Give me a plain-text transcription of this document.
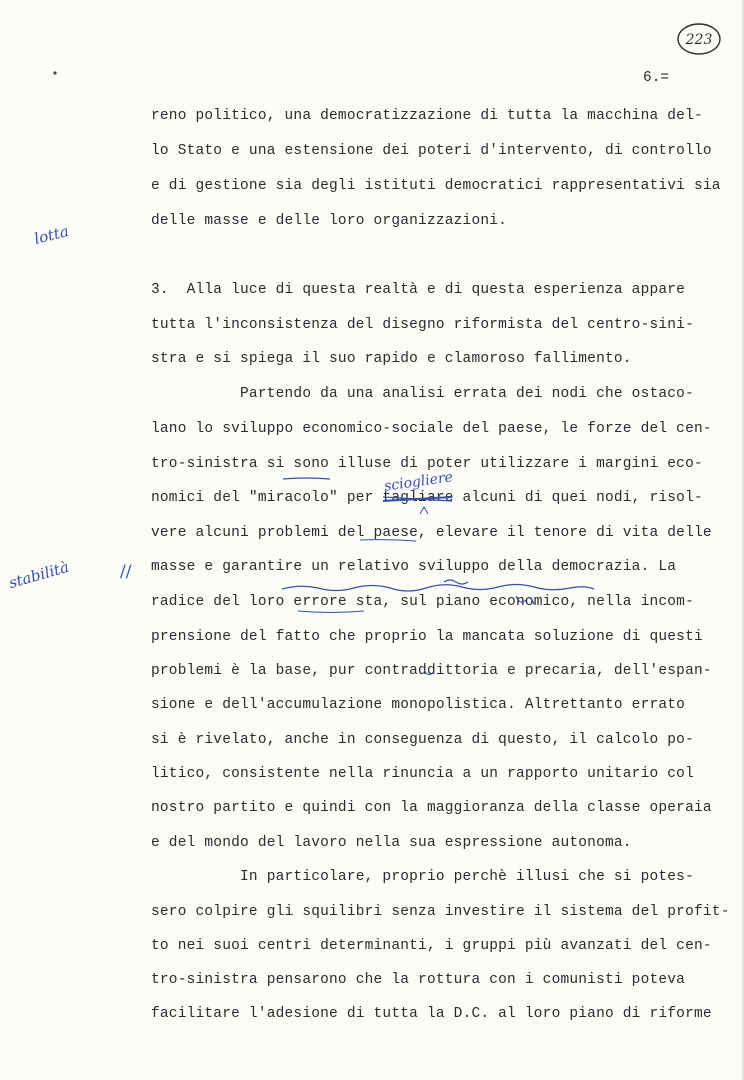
223
6.=
reno politico, una democratizzazione di tutta la macchina del-
lo Stato e una estensione dei poteri d'intervento, di controllo
e di gestione sia degli istituti democratici rappresentativi sia
delle masse e delle loro organizzazioni.
3.  Alla luce di questa realtà e di questa esperienza appare
tutta l'inconsistenza del disegno riformista del centro-sini-
stra e si spiega il suo rapido e clamoroso fallimento.
Partendo da una analisi errata dei nodi che ostaco-
lano lo sviluppo economico-sociale del paese, le forze del cen-
tro-sinistra si sono illuse di poter utilizzare i margini eco-
nomici del "miracolo" per tagliare alcuni di quei nodi, risol-
vere alcuni problemi del paese, elevare il tenore di vita delle
masse e garantire un relativo sviluppo della democrazia. La
radice del loro errore sta, sul piano economico, nella incom-
prensione del fatto che proprio la mancata soluzione di questi
problemi è la base, pur contraddittoria e precaria, dell'espan-
sione e dell'accumulazione monopolistica. Altrettanto errato
si è rivelato, anche in conseguenza di questo, il calcolo po-
litico, consistente nella rinuncia a un rapporto unitario col
nostro partito e quindi con la maggioranza della classe operaia
e del mondo del lavoro nella sua espressione autonoma.
In particolare, proprio perchè illusi che si potes-
sero colpire gli squilibri senza investire il sistema del profit-
to nei suoi centri determinanti, i gruppi più avanzati del cen-
tro-sinistra pensarono che la rottura con i comunisti poteva
facilitare l'adesione di tutta la D.C. al loro piano di riforme
lotta
stabilità	//
sciogliere
